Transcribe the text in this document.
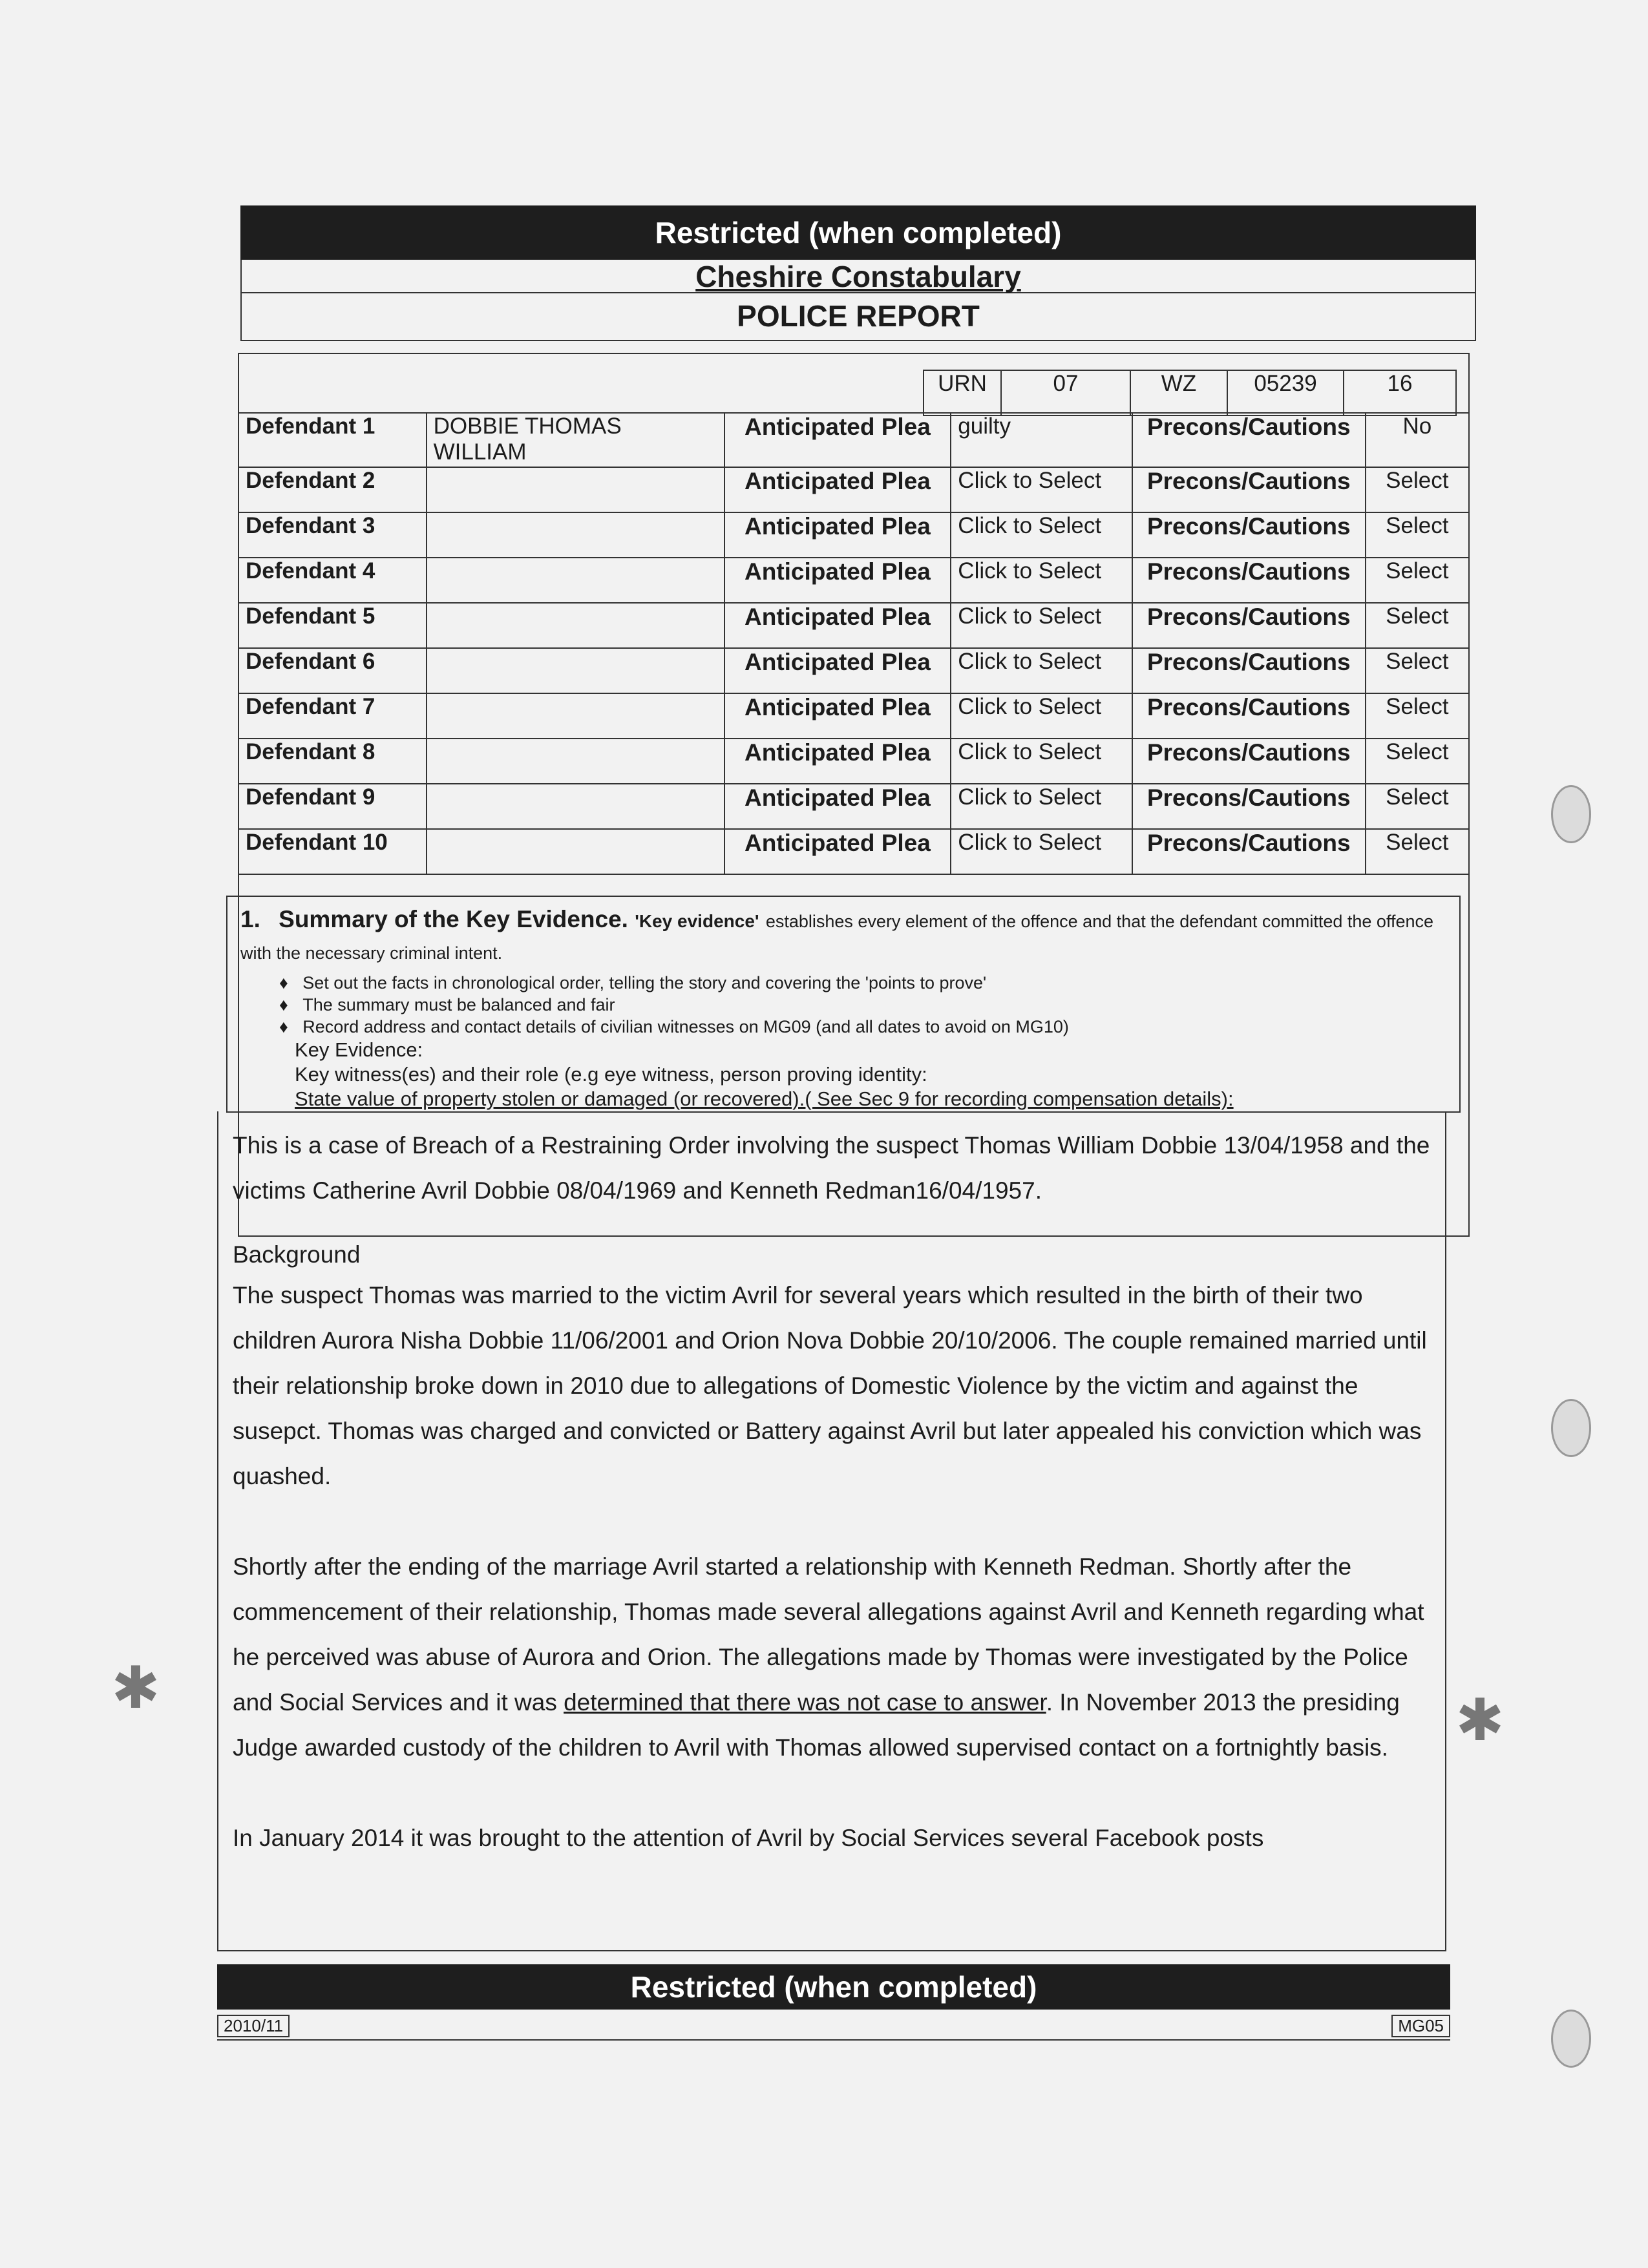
Restricted (when completed)
Cheshire Constabulary
POLICE REPORT
URN	07	WZ	05239	16
Defendant 1	DOBBIE THOMAS WILLIAM	Anticipated Plea	guilty	Precons/Cautions	No
Defendant 2		Anticipated Plea	Click to Select	Precons/Cautions	Select
Defendant 3		Anticipated Plea	Click to Select	Precons/Cautions	Select
Defendant 4		Anticipated Plea	Click to Select	Precons/Cautions	Select
Defendant 5		Anticipated Plea	Click to Select	Precons/Cautions	Select
Defendant 6		Anticipated Plea	Click to Select	Precons/Cautions	Select
Defendant 7		Anticipated Plea	Click to Select	Precons/Cautions	Select
Defendant 8		Anticipated Plea	Click to Select	Precons/Cautions	Select
Defendant 9		Anticipated Plea	Click to Select	Precons/Cautions	Select
Defendant 10		Anticipated Plea	Click to Select	Precons/Cautions	Select
1. Summary of the Key Evidence. 'Key evidence' establishes every element of the offence and that the defendant committed the offence with the necessary criminal intent.
♦   Set out the facts in chronological order, telling the story and covering the 'points to prove'
♦   The summary must be balanced and fair
♦   Record address and contact details of civilian witnesses on MG09 (and all dates to avoid on MG10)
Key Evidence:
Key witness(es) and their role (e.g eye witness, person proving identity:
State value of property stolen or damaged (or recovered).( See Sec 9 for recording compensation details):
This is a case of Breach of a Restraining Order involving the suspect Thomas William Dobbie 13/04/1958 and the victims Catherine Avril Dobbie 08/04/1969 and Kenneth Redman16/04/1957.
Background
The suspect Thomas was married to the victim Avril for several years which resulted in the birth of their two children Aurora Nisha Dobbie 11/06/2001 and Orion Nova Dobbie 20/10/2006. The couple remained married until their relationship broke down in 2010 due to allegations of Domestic Violence by the victim and against the susepct. Thomas was charged and convicted or Battery against Avril but later appealed his conviction which was quashed.
Shortly after the ending of the marriage Avril started a relationship with Kenneth Redman. Shortly after the commencement of their relationship, Thomas made several allegations against Avril and Kenneth regarding what he perceived was abuse of Aurora and Orion. The allegations made by Thomas were investigated by the Police and Social Services and it was determined that there was not case to answer. In November 2013 the presiding Judge awarded custody of the children to Avril with Thomas allowed supervised contact on a fortnightly basis.
In January 2014 it was brought to the attention of Avril by Social Services several Facebook posts
✱	✱
Restricted (when completed)
2010/11	MG05
